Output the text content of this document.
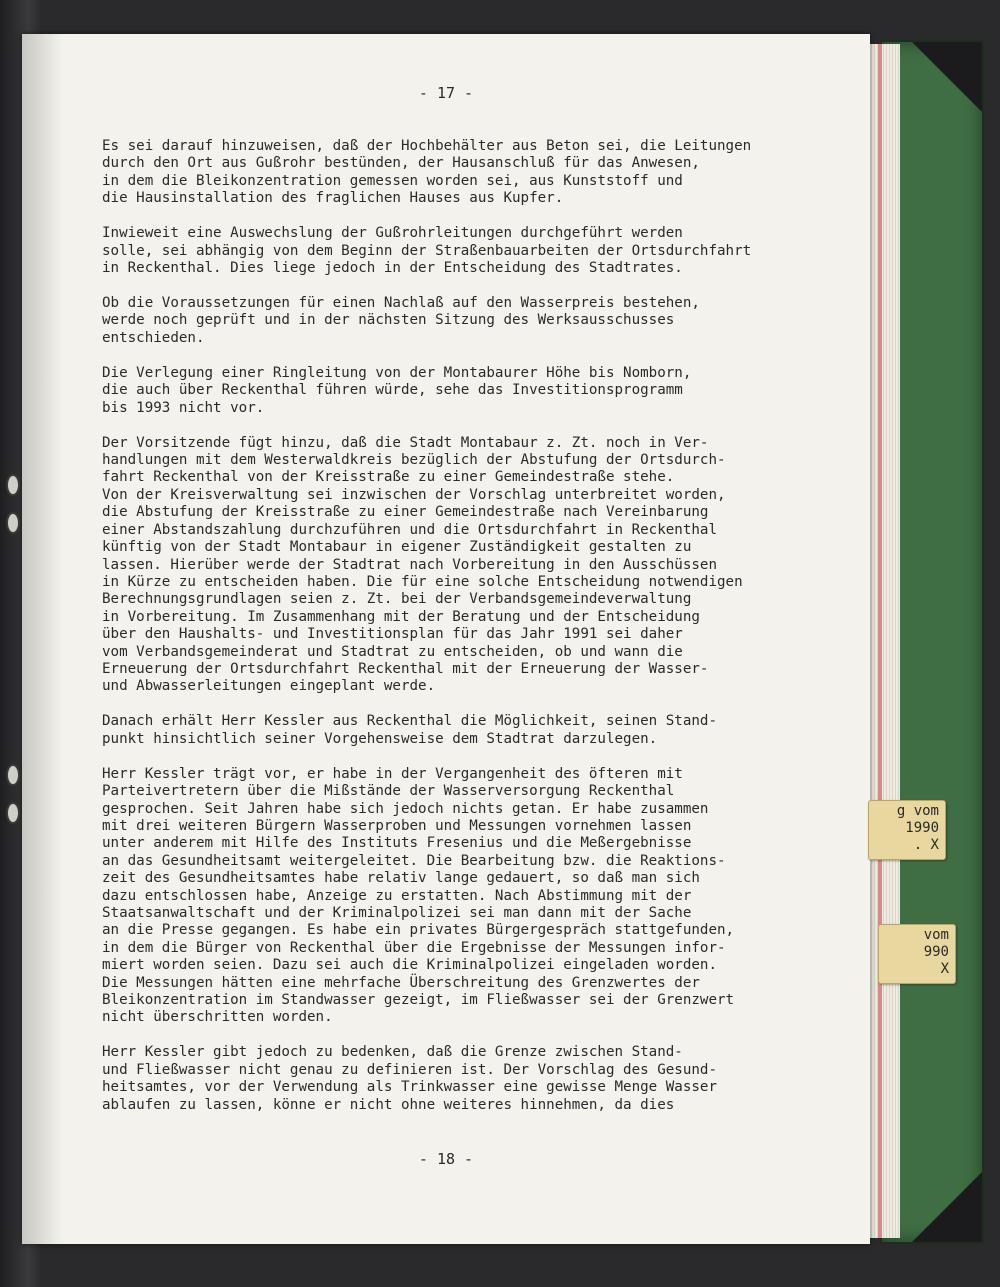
- 17 -

Es sei darauf hinzuweisen, daß der Hochbehälter aus Beton sei, die Leitungen
durch den Ort aus Gußrohr bestünden, der Hausanschluß für das Anwesen,
in dem die Bleikonzentration gemessen worden sei, aus Kunststoff und
die Hausinstallation des fraglichen Hauses aus Kupfer.

Inwieweit eine Auswechslung der Gußrohrleitungen durchgeführt werden
solle, sei abhängig von dem Beginn der Straßenbauarbeiten der Ortsdurchfahrt
in Reckenthal. Dies liege jedoch in der Entscheidung des Stadtrates.

Ob die Voraussetzungen für einen Nachlaß auf den Wasserpreis bestehen,
werde noch geprüft und in der nächsten Sitzung des Werksausschusses
entschieden.

Die Verlegung einer Ringleitung von der Montabaurer Höhe bis Nomborn,
die auch über Reckenthal führen würde, sehe das Investitionsprogramm
bis 1993 nicht vor.

Der Vorsitzende fügt hinzu, daß die Stadt Montabaur z. Zt. noch in Ver-
handlungen mit dem Westerwaldkreis bezüglich der Abstufung der Ortsdurch-
fahrt Reckenthal von der Kreisstraße zu einer Gemeindestraße stehe.
Von der Kreisverwaltung sei inzwischen der Vorschlag unterbreitet worden,
die Abstufung der Kreisstraße zu einer Gemeindestraße nach Vereinbarung
einer Abstandszahlung durchzuführen und die Ortsdurchfahrt in Reckenthal
künftig von der Stadt Montabaur in eigener Zuständigkeit gestalten zu
lassen. Hierüber werde der Stadtrat nach Vorbereitung in den Ausschüssen
in Kürze zu entscheiden haben. Die für eine solche Entscheidung notwendigen
Berechnungsgrundlagen seien z. Zt. bei der Verbandsgemeindeverwaltung
in Vorbereitung. Im Zusammenhang mit der Beratung und der Entscheidung
über den Haushalts- und Investitionsplan für das Jahr 1991 sei daher
vom Verbandsgemeinderat und Stadtrat zu entscheiden, ob und wann die
Erneuerung der Ortsdurchfahrt Reckenthal mit der Erneuerung der Wasser-
und Abwasserleitungen eingeplant werde.

Danach erhält Herr Kessler aus Reckenthal die Möglichkeit, seinen Stand-
punkt hinsichtlich seiner Vorgehensweise dem Stadtrat darzulegen.

Herr Kessler trägt vor, er habe in der Vergangenheit des öfteren mit
Parteivertretern über die Mißstände der Wasserversorgung Reckenthal
gesprochen. Seit Jahren habe sich jedoch nichts getan. Er habe zusammen
mit drei weiteren Bürgern Wasserproben und Messungen vornehmen lassen
unter anderem mit Hilfe des Instituts Fresenius und die Meßergebnisse
an das Gesundheitsamt weitergeleitet. Die Bearbeitung bzw. die Reaktions-
zeit des Gesundheitsamtes habe relativ lange gedauert, so daß man sich
dazu entschlossen habe, Anzeige zu erstatten. Nach Abstimmung mit der
Staatsanwaltschaft und der Kriminalpolizei sei man dann mit der Sache
an die Presse gegangen. Es habe ein privates Bürgergespräch stattgefunden,
in dem die Bürger von Reckenthal über die Ergebnisse der Messungen infor-
miert worden seien. Dazu sei auch die Kriminalpolizei eingeladen worden.
Die Messungen hätten eine mehrfache Überschreitung des Grenzwertes der
Bleikonzentration im Standwasser gezeigt, im Fließwasser sei der Grenzwert
nicht überschritten worden.

Herr Kessler gibt jedoch zu bedenken, daß die Grenze zwischen Stand-
und Fließwasser nicht genau zu definieren ist. Der Vorschlag des Gesund-
heitsamtes, vor der Verwendung als Trinkwasser eine gewisse Menge Wasser
ablaufen zu lassen, könne er nicht ohne weiteres hinnehmen, da dies

- 18 -
g vom
1990
. X
vom
990
X
